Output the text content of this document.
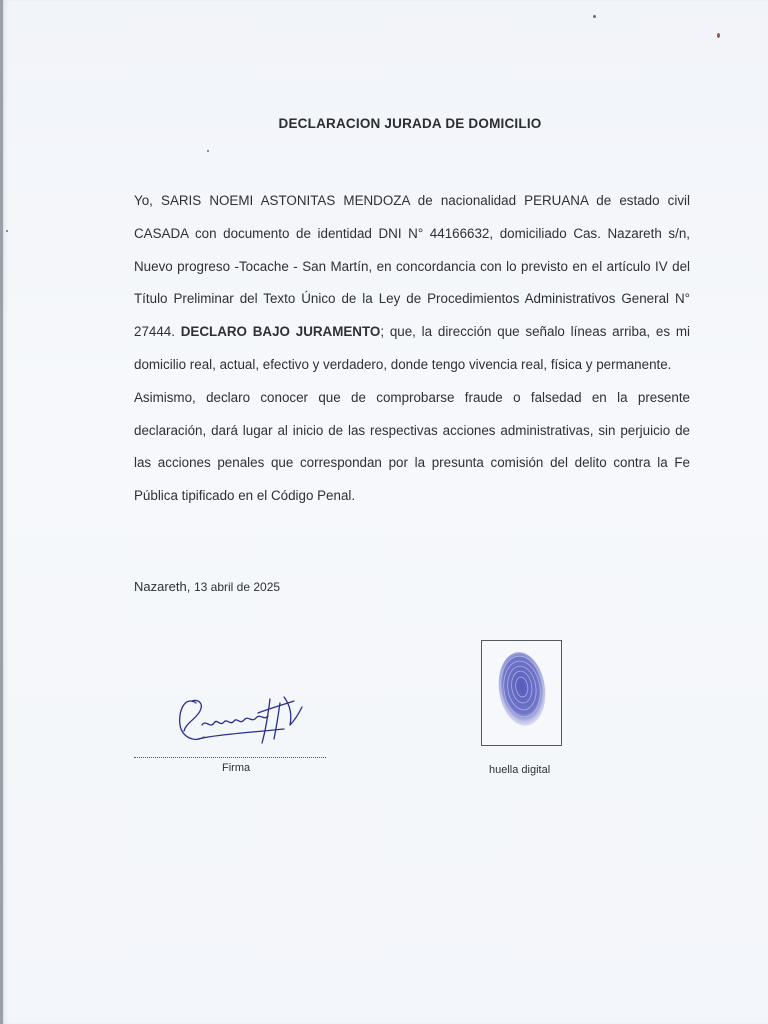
DECLARACION JURADA DE DOMICILIO

Yo, SARIS NOEMI ASTONITAS MENDOZA de nacionalidad PERUANA de estado civil CASADA con documento de identidad DNI N° 44166632, domiciliado Cas. Nazareth s/n, Nuevo progreso -Tocache - San Martín, en concordancia con lo previsto en el artículo IV del Título Preliminar del Texto Único de la Ley de Procedimientos Administrativos General N° 27444. DECLARO BAJO JURAMENTO; que, la dirección que señalo líneas arriba, es mi domicilio real, actual, efectivo y verdadero, donde tengo vivencia real, física y permanente.

Asimismo, declaro conocer que de comprobarse fraude o falsedad en la presente declaración, dará lugar al inicio de las respectivas acciones administrativas, sin perjuicio de las acciones penales que correspondan por la presunta comisión del delito contra la Fe Pública tipificado en el Código Penal.

Nazareth, 13 abril de 2025
Firma	huella digital
